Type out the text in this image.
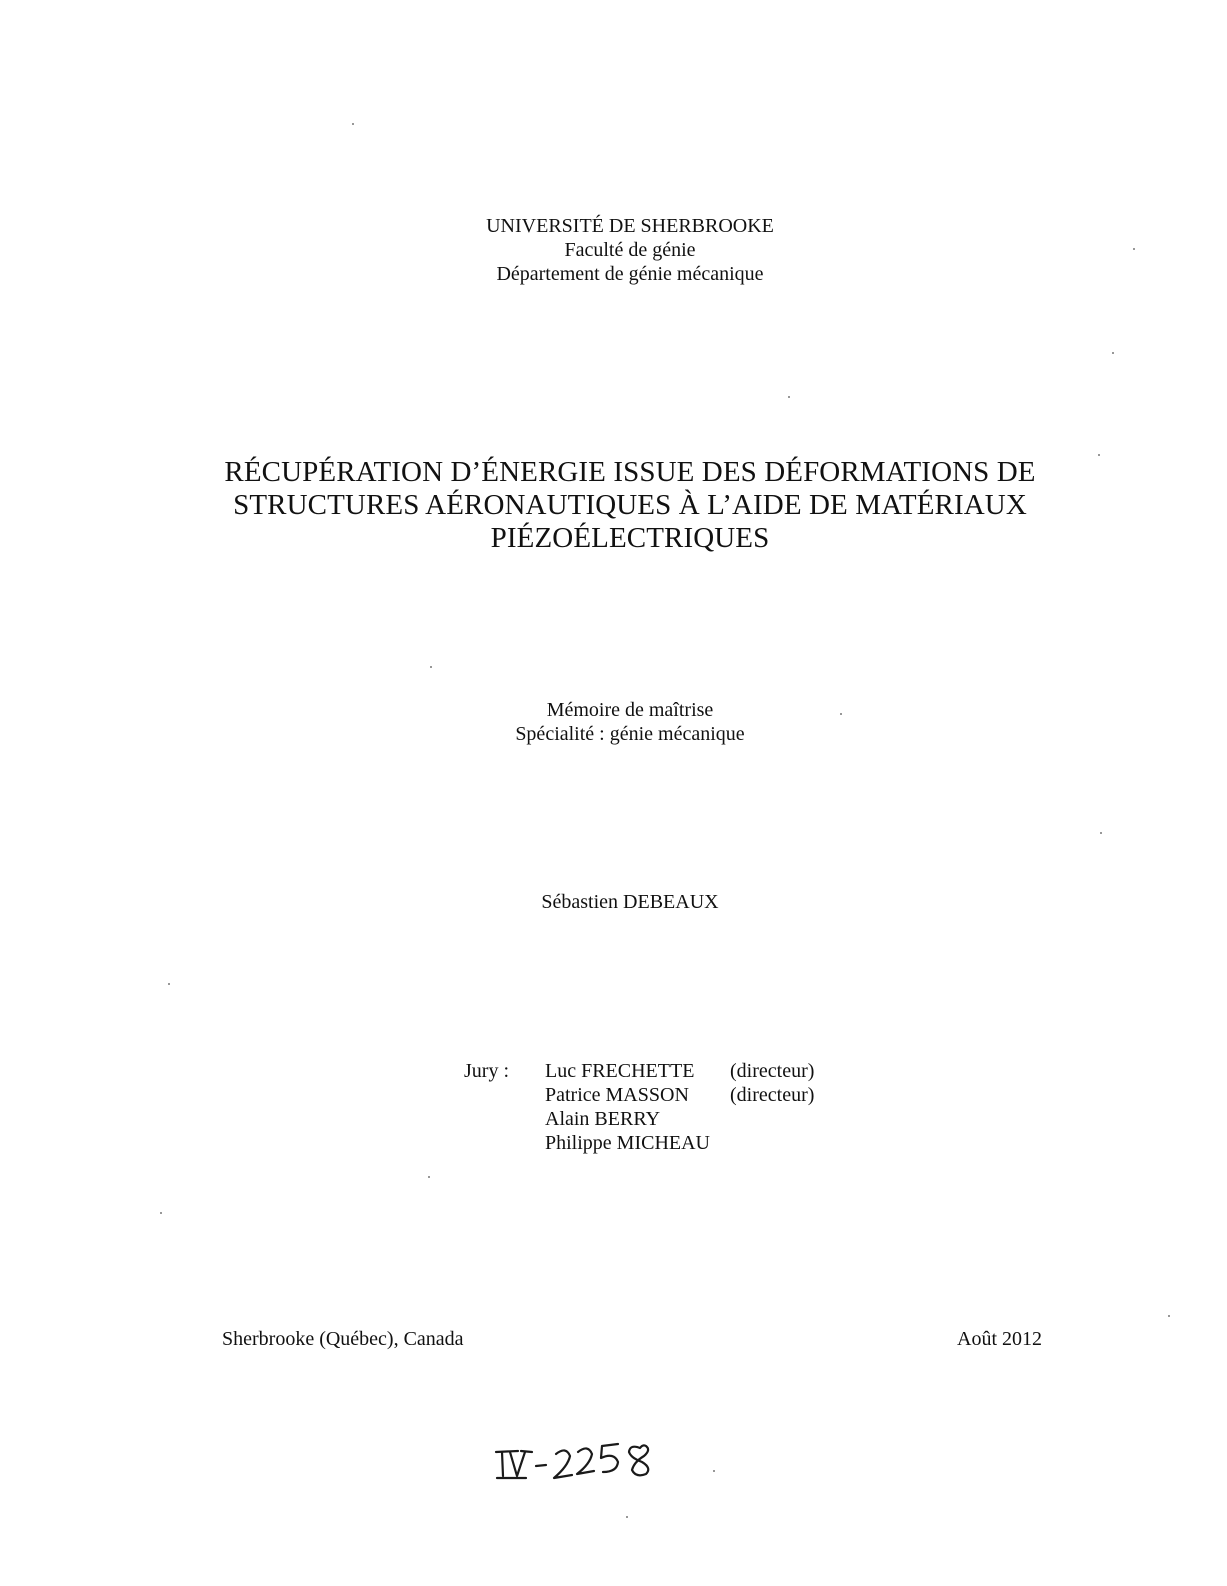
UNIVERSITÉ DE SHERBROOKE
Faculté de génie
Département de génie mécanique
RÉCUPÉRATION D’ÉNERGIE ISSUE DES DÉFORMATIONS DE
STRUCTURES AÉRONAUTIQUES À L’AIDE DE MATÉRIAUX
PIÉZOÉLECTRIQUES
Mémoire de maîtrise
Spécialité : génie mécanique
Sébastien DEBEAUX
Jury : Luc FRECHETTE (directeur)
Patrice MASSON (directeur)
Alain BERRY
Philippe MICHEAU
Sherbrooke (Québec), Canada	Août 2012
